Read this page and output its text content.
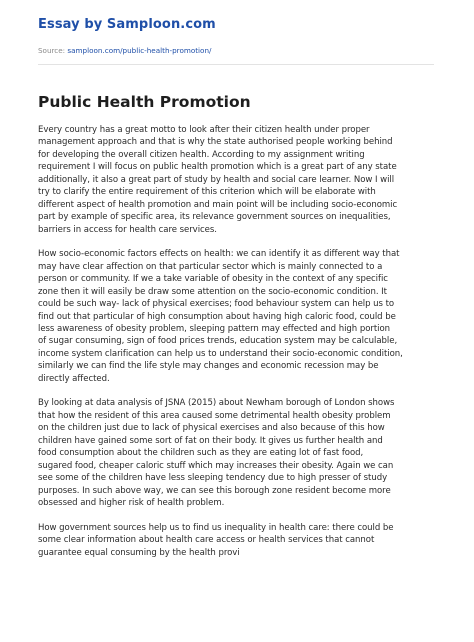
Essay by Samploon.com
Source: samploon.com/public-health-promotion/
Public Health Promotion

Every country has a great motto to look after their citizen health under proper
management approach and that is why the state authorised people working behind
for developing the overall citizen health. According to my assignment writing
requirement I will focus on public health promotion which is a great part of any state
additionally, it also a great part of study by health and social care learner. Now I will
try to clarify the entire requirement of this criterion which will be elaborate with
different aspect of health promotion and main point will be including socio-economic
part by example of specific area, its relevance government sources on inequalities,
barriers in access for health care services.

How socio-economic factors effects on health: we can identify it as different way that
may have clear affection on that particular sector which is mainly connected to a
person or community. If we a take variable of obesity in the context of any specific
zone then it will easily be draw some attention on the socio-economic condition. It
could be such way- lack of physical exercises; food behaviour system can help us to
find out that particular of high consumption about having high caloric food, could be
less awareness of obesity problem, sleeping pattern may effected and high portion
of sugar consuming, sign of food prices trends, education system may be calculable,
income system clarification can help us to understand their socio-economic condition,
similarly we can find the life style may changes and economic recession may be
directly affected.

By looking at data analysis of JSNA (2015) about Newham borough of London shows
that how the resident of this area caused some detrimental health obesity problem
on the children just due to lack of physical exercises and also because of this how
children have gained some sort of fat on their body. It gives us further health and
food consumption about the children such as they are eating lot of fast food,
sugared food, cheaper caloric stuff which may increases their obesity. Again we can
see some of the children have less sleeping tendency due to high presser of study
purposes. In such above way, we can see this borough zone resident become more
obsessed and higher risk of health problem.

How government sources help us to find us inequality in health care: there could be
some clear information about health care access or health services that cannot
guarantee equal consuming by the health provi
